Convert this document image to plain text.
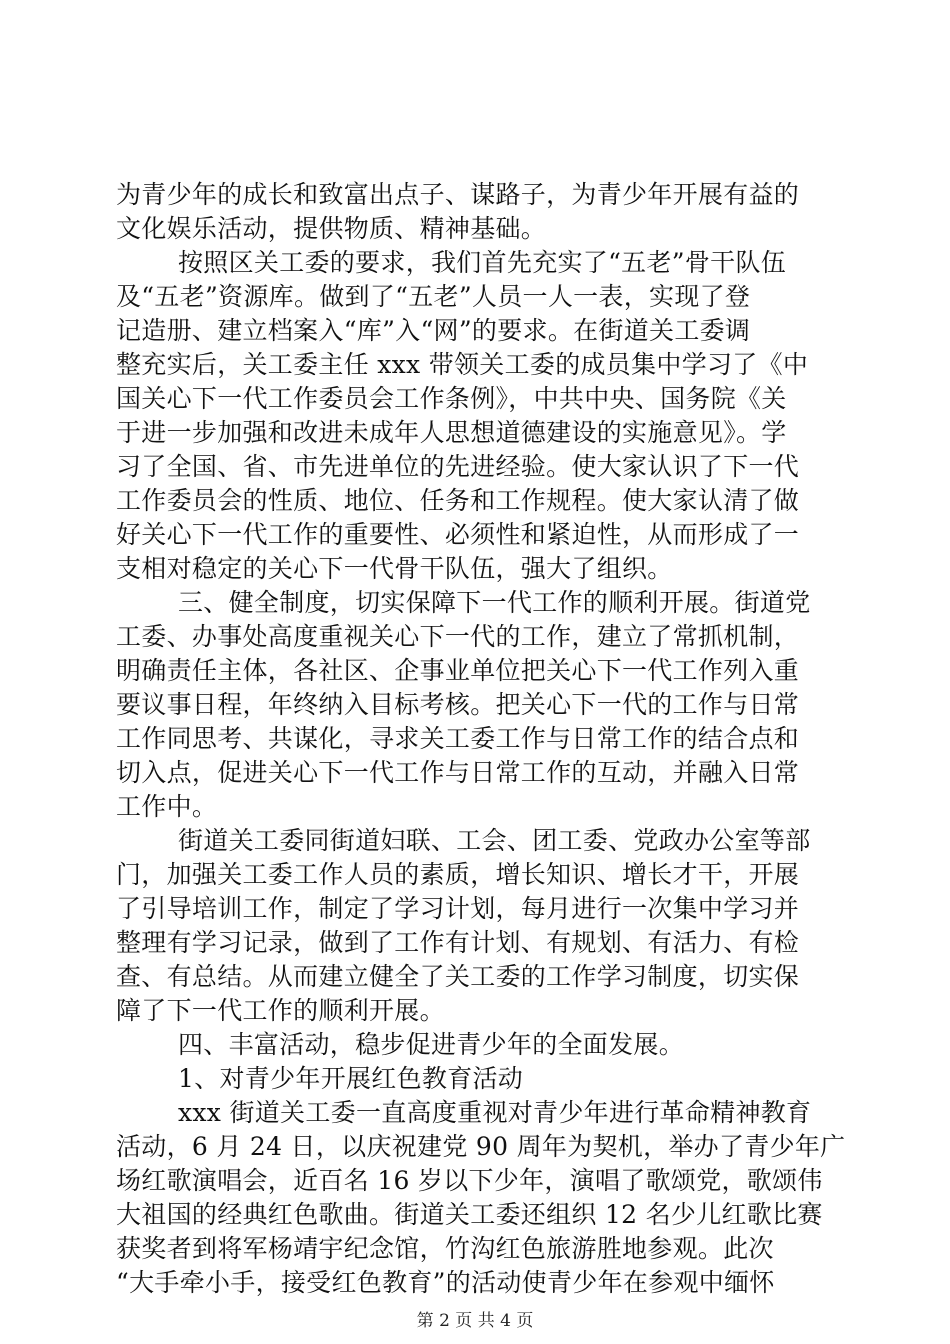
为青少年的成长和致富出点子、谋路子，为青少年开展有益的
文化娱乐活动，提供物质、精神基础。
按照区关工委的要求，我们首先充实了“五老”骨干队伍
及“五老”资源库。做到了“五老”人员一人一表，实现了登
记造册、建立档案入“库”入“网”的要求。在街道关工委调
整充实后，关工委主任 xxx 带领关工委的成员集中学习了《中
国关心下一代工作委员会工作条例》，中共中央、国务院《关
于进一步加强和改进未成年人思想道德建设的实施意见》。学
习了全国、省、市先进单位的先进经验。使大家认识了下一代
工作委员会的性质、地位、任务和工作规程。使大家认清了做
好关心下一代工作的重要性、必须性和紧迫性，从而形成了一
支相对稳定的关心下一代骨干队伍，强大了组织。
三、健全制度，切实保障下一代工作的顺利开展。街道党
工委、办事处高度重视关心下一代的工作，建立了常抓机制，
明确责任主体，各社区、企事业单位把关心下一代工作列入重
要议事日程，年终纳入目标考核。把关心下一代的工作与日常
工作同思考、共谋化，寻求关工委工作与日常工作的结合点和
切入点，促进关心下一代工作与日常工作的互动，并融入日常
工作中。
街道关工委同街道妇联、工会、团工委、党政办公室等部
门，加强关工委工作人员的素质，增长知识、增长才干，开展
了引导培训工作，制定了学习计划，每月进行一次集中学习并
整理有学习记录，做到了工作有计划、有规划、有活力、有检
查、有总结。从而建立健全了关工委的工作学习制度，切实保
障了下一代工作的顺利开展。
四、丰富活动，稳步促进青少年的全面发展。
1、对青少年开展红色教育活动
xxx 街道关工委一直高度重视对青少年进行革命精神教育
活动，6 月 24 日，以庆祝建党 90 周年为契机，举办了青少年广
场红歌演唱会，近百名 16 岁以下少年，演唱了歌颂党，歌颂伟
大祖国的经典红色歌曲。街道关工委还组织 12 名少儿红歌比赛
获奖者到将军杨靖宇纪念馆，竹沟红色旅游胜地参观。此次
“大手牵小手，接受红色教育”的活动使青少年在参观中缅怀
第 2 页 共 4 页
